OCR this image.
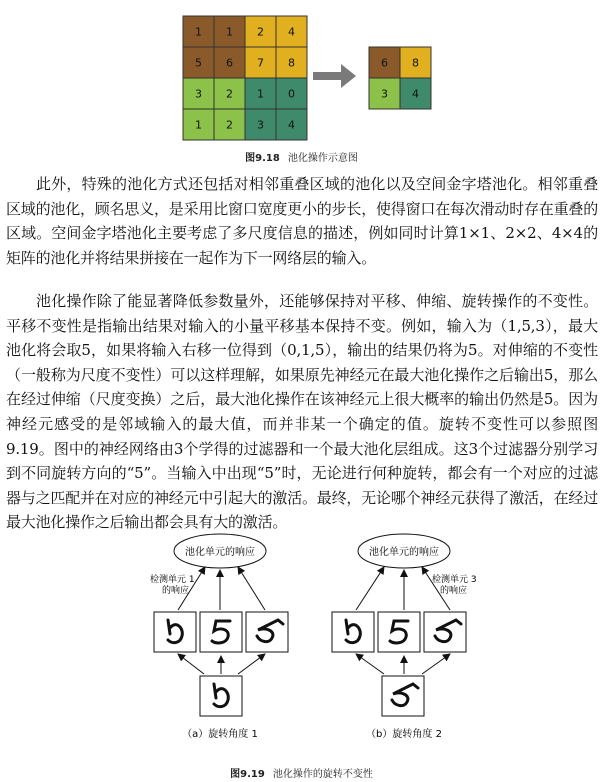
1 1 2 4
5 6 7 8
3 2 1 0
1 2 3 4
6 8
3 4
图9.18 池化操作示意图

此外，特殊的池化方式还包括对相邻重叠区域的池化以及空间金字塔池化。相邻重叠区域的池化，顾名思义，是采用比窗口宽度更小的步长，使得窗口在每次滑动时存在重叠的区域。空间金字塔池化主要考虑了多尺度信息的描述，例如同时计算1×1、2×2、4×4的矩阵的池化并将结果拼接在一起作为下一网络层的输入。

池化操作除了能显著降低参数量外，还能够保持对平移、伸缩、旋转操作的不变性。平移不变性是指输出结果对输入的小量平移基本保持不变。例如，输入为（1,5,3），最大池化将会取5，如果将输入右移一位得到（0,1,5），输出的结果仍将为5。对伸缩的不变性（一般称为尺度不变性）可以这样理解，如果原先神经元在最大池化操作之后输出5，那么在经过伸缩（尺度变换）之后，最大池化操作在该神经元上很大概率的输出仍然是5。因为神经元感受的是邻域输入的最大值，而并非某一个确定的值。旋转不变性可以参照图9.19。图中的神经网络由3个学得的过滤器和一个最大池化层组成。这3个过滤器分别学习到不同旋转方向的“5”。当输入中出现“5”时，无论进行何种旋转，都会有一个对应的过滤器与之匹配并在对应的神经元中引起大的激活。最终，无论哪个神经元获得了激活，在经过最大池化操作之后输出都会具有大的激活。

池化单元的响应
检测单元 1
的响应
（a）旋转角度 1
池化单元的响应
检测单元 3
的响应
（b）旋转角度 2
图9.19 池化操作的旋转不变性
